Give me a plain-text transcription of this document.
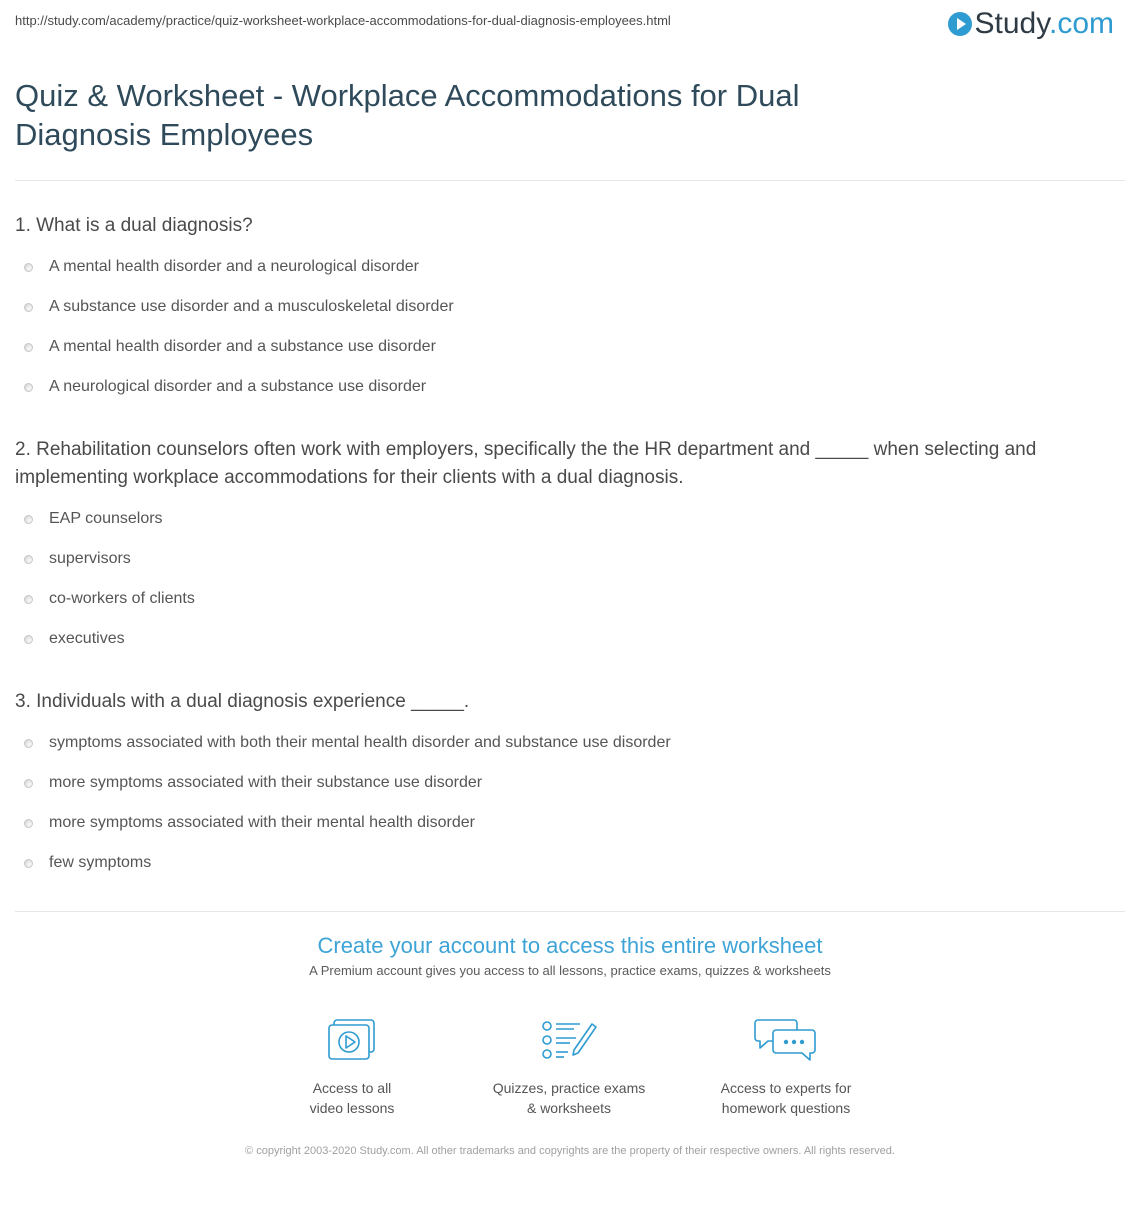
http://study.com/academy/practice/quiz-worksheet-workplace-accommodations-for-dual-diagnosis-employees.html	Study.com
Quiz & Worksheet - Workplace Accommodations for Dual Diagnosis Employees

1. What is a dual diagnosis?

A mental health disorder and a neurological disorder
A substance use disorder and a musculoskeletal disorder
A mental health disorder and a substance use disorder
A neurological disorder and a substance use disorder

2. Rehabilitation counselors often work with employers, specifically the the HR department and _____ when selecting and implementing workplace accommodations for their clients with a dual diagnosis.

EAP counselors
supervisors
co-workers of clients
executives

3. Individuals with a dual diagnosis experience _____.

symptoms associated with both their mental health disorder and substance use disorder
more symptoms associated with their substance use disorder
more symptoms associated with their mental health disorder
few symptoms
Create your account to access this entire worksheet
A Premium account gives you access to all lessons, practice exams, quizzes & worksheets
Access to all
video lessons
Quizzes, practice exams
& worksheets
Access to experts for
homework questions
© copyright 2003-2020 Study.com. All other trademarks and copyrights are the property of their respective owners. All rights reserved.
